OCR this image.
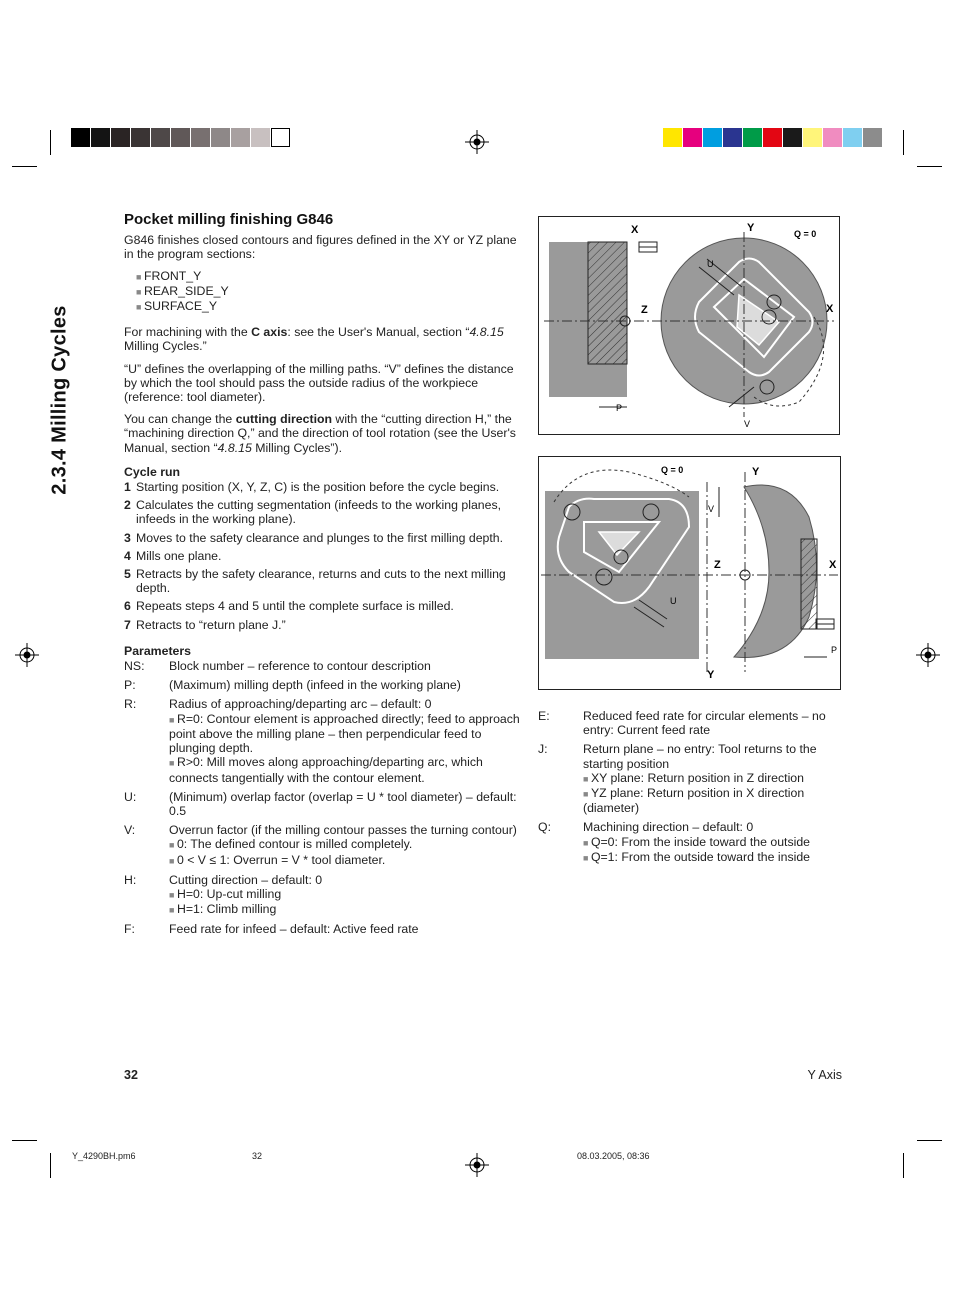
2.3.4 Milling Cycles
Pocket milling finishing G846

G846 finishes closed contours and figures defined in the XY or YZ plane in the program sections:

■ FRONT_Y
■ REAR_SIDE_Y
■ SURFACE_Y

For machining with the C axis: see the User's Manual, section “4.8.15 Milling Cycles.”

“U” defines the overlapping of the milling paths. “V” defines the distance by which the tool should pass the outside radius of the workpiece (reference: tool diameter).

You can change the cutting direction with the “cutting direction H,” the “machining direction Q,” and the direction of tool rotation (see the User's Manual, section “4.8.15 Milling Cycles”).

Cycle run
1 Starting position (X, Y, Z, C) is the position before the cycle begins.
2 Calculates the cutting segmentation (infeeds to the working planes, infeeds in the working plane).
3 Moves to the safety clearance and plunges to the first milling depth.
4 Mills one plane.
5 Retracts by the safety clearance, returns and cuts to the next milling depth.
6 Repeats steps 4 and 5 until the complete surface is milled.
7 Retracts to “return plane J.”
Parameters
NS:	Block number – reference to contour description
P:	(Maximum) milling depth (infeed in the working plane)
R:	Radius of approaching/departing arc – default: 0
■ R=0: Contour element is approached directly; feed to approach point above the milling plane – then perpendicular feed to plunging depth.
■ R>0: Mill moves along approaching/departing arc, which connects tangentially with the contour element.
U:	(Minimum) overlap factor (overlap = U * tool diameter) – default: 0.5
V:	Overrun factor (if the milling contour passes the turning contour)
■ 0: The defined contour is milled completely.
■ 0 < V ≤ 1: Overrun = V * tool diameter.
H:	Cutting direction – default: 0
■ H=0: Up-cut milling
■ H=1: Climb milling
F:	Feed rate for infeed – default: Active feed rate
X	Y	Q = 0
Z	X
U
P
V
Q = 0	Y
Z	X
Y
V
U
P
E:	Reduced feed rate for circular elements – no entry: Current feed rate
J:	Return plane – no entry: Tool returns to the starting position
■ XY plane: Return position in Z direction
■ YZ plane: Return position in X direction (diameter)
Q:	Machining direction – default: 0
■ Q=0: From the inside toward the outside
■ Q=1: From the outside toward the inside
32	Y Axis
Y_4290BH.pm6	32	08.03.2005, 08:36
